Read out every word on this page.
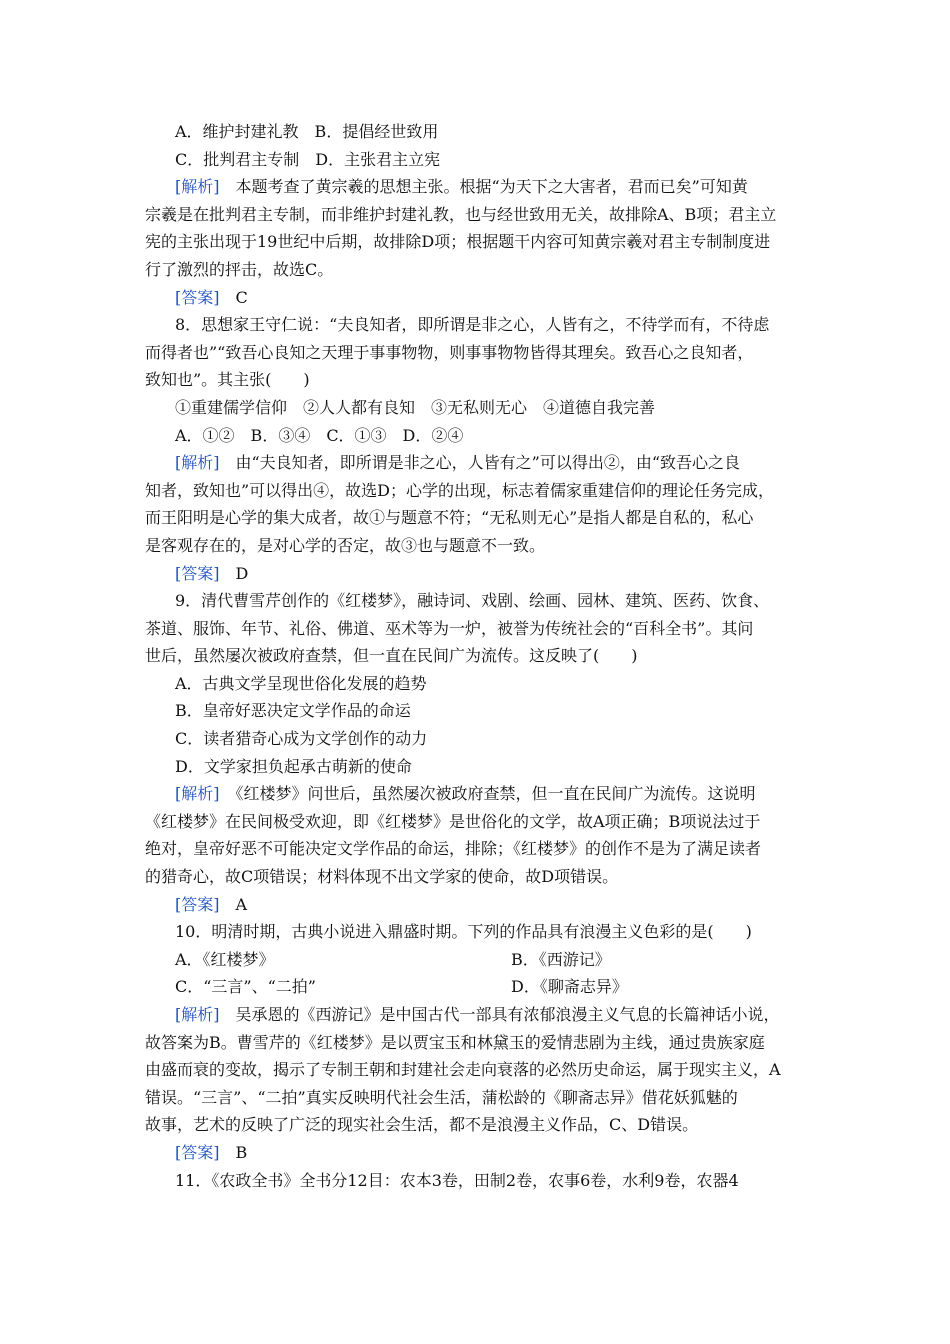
A．维护封建礼教　B．提倡经世致用
C．批判君主专制　D．主张君主立宪
[解析]　本题考查了黄宗羲的思想主张。根据“为天下之大害者，君而已矣”可知黄
宗羲是在批判君主专制，而非维护封建礼教，也与经世致用无关，故排除A、B项；君主立
宪的主张出现于19世纪中后期，故排除D项；根据题干内容可知黄宗羲对君主专制制度进
行了激烈的抨击，故选C。
[答案]　C
8．思想家王守仁说：“夫良知者，即所谓是非之心，人皆有之，不待学而有，不待虑
而得者也”“致吾心良知之天理于事事物物，则事事物物皆得其理矣。致吾心之良知者，
致知也”。其主张(　　)
①重建儒学信仰　②人人都有良知　③无私则无心　④道德自我完善
A．①②　B．③④　C．①③　D．②④
[解析]　由“夫良知者，即所谓是非之心，人皆有之”可以得出②，由“致吾心之良
知者，致知也”可以得出④，故选D；心学的出现，标志着儒家重建信仰的理论任务完成，
而王阳明是心学的集大成者，故①与题意不符；“无私则无心”是指人都是自私的，私心
是客观存在的，是对心学的否定，故③也与题意不一致。
[答案]　D
9．清代曹雪芹创作的《红楼梦》，融诗词、戏剧、绘画、园林、建筑、医药、饮食、
茶道、服饰、年节、礼俗、佛道、巫术等为一炉，被誉为传统社会的“百科全书”。其问
世后，虽然屡次被政府查禁，但一直在民间广为流传。这反映了(　　)
A．古典文学呈现世俗化发展的趋势
B．皇帝好恶决定文学作品的命运
C．读者猎奇心成为文学创作的动力
D．文学家担负起承古萌新的使命
[解析]　《红楼梦》问世后，虽然屡次被政府查禁，但一直在民间广为流传。这说明
《红楼梦》在民间极受欢迎，即《红楼梦》是世俗化的文学，故A项正确；B项说法过于
绝对，皇帝好恶不可能决定文学作品的命运，排除；《红楼梦》的创作不是为了满足读者
的猎奇心，故C项错误；材料体现不出文学家的使命，故D项错误。
[答案]　A
10．明清时期，古典小说进入鼎盛时期。下列的作品具有浪漫主义色彩的是(　　)
A．《红楼梦》	B．《西游记》
C．“三言”、“二拍”	D．《聊斋志异》
[解析]　吴承恩的《西游记》是中国古代一部具有浓郁浪漫主义气息的长篇神话小说，
故答案为B。曹雪芹的《红楼梦》是以贾宝玉和林黛玉的爱情悲剧为主线，通过贵族家庭
由盛而衰的变故，揭示了专制王朝和封建社会走向衰落的必然历史命运，属于现实主义，A
错误。“三言”、“二拍”真实反映明代社会生活，蒲松龄的《聊斋志异》借花妖狐魅的
故事，艺术的反映了广泛的现实社会生活，都不是浪漫主义作品，C、D错误。
[答案]　B
11．《农政全书》全书分12目：农本3卷，田制2卷，农事6卷，水利9卷，农器4
